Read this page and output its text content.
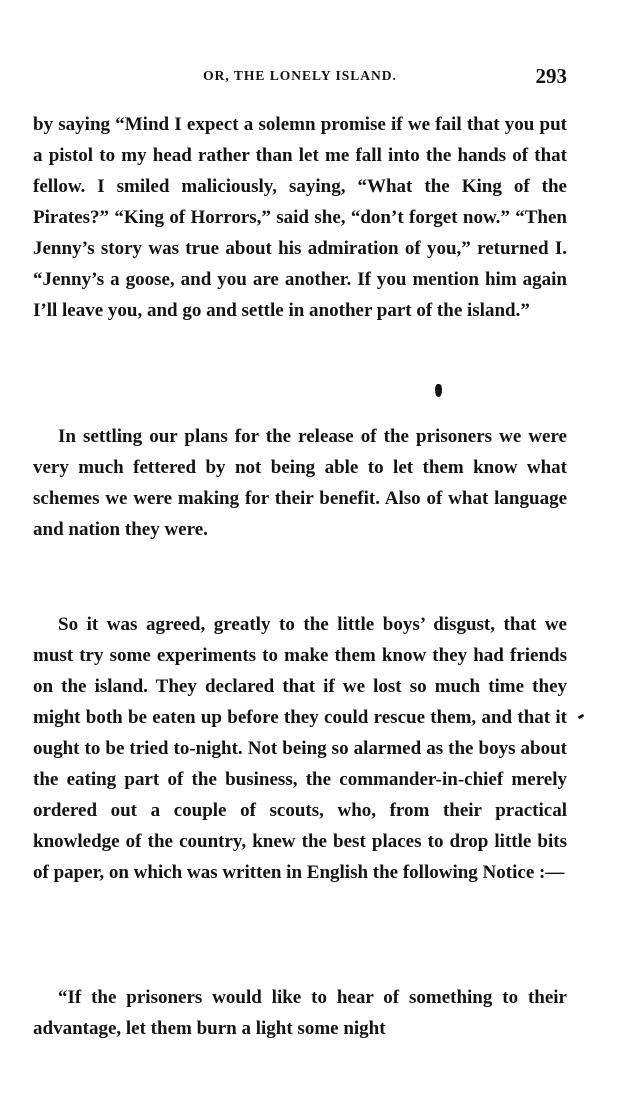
OR, THE LONELY ISLAND.	293

by saying “Mind I expect a solemn promise if we fail that you put a pistol to my head rather than let me fall into the hands of that fellow. I smiled maliciously, saying, “What the King of the Pirates?” “King of Horrors,” said she, “don’t forget now.” “Then Jenny’s story was true about his admiration of you,” returned I. “Jenny’s a goose, and you are another. If you mention him again I’ll leave you, and go and settle in another part of the island.”

In settling our plans for the release of the prisoners we were very much fettered by not being able to let them know what schemes we were making for their benefit. Also of what language and nation they were.

So it was agreed, greatly to the little boys’ disgust, that we must try some experiments to make them know they had friends on the island. They declared that if we lost so much time they might both be eaten up before they could rescue them, and that it ought to be tried to-night. Not being so alarmed as the boys about the eating part of the business, the commander-in-chief merely ordered out a couple of scouts, who, from their practical knowledge of the country, knew the best places to drop little bits of paper, on which was written in English the following Notice :—

“If the prisoners would like to hear of something to their advantage, let them burn a light some night
